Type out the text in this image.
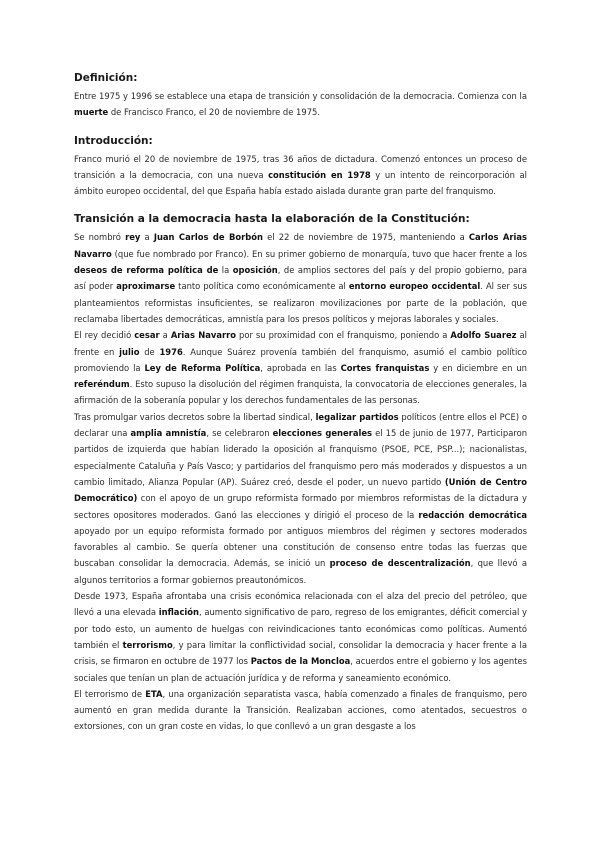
Definición:

Entre 1975 y 1996 se establece una etapa de transición y consolidación de la democracia. Comienza con la muerte de Francisco Franco, el 20 de noviembre de 1975.

Introducción:

Franco murió el 20 de noviembre de 1975, tras 36 años de dictadura. Comenzó entonces un proceso de transición a la democracia, con una nueva constitución en 1978 y un intento de reincorporación al ámbito europeo occidental, del que España había estado aislada durante gran parte del franquismo.

Transición a la democracia hasta la elaboración de la Constitución:

Se nombró rey a Juan Carlos de Borbón el 22 de noviembre de 1975, manteniendo a Carlos Arias Navarro (que fue nombrado por Franco). En su primer gobierno de monarquía, tuvo que hacer frente a los deseos de reforma política de la oposición, de amplios sectores del país y del propio gobierno, para así poder aproximarse tanto política como económicamente al entorno europeo occidental. Al ser sus planteamientos reformistas insuficientes, se realizaron movilizaciones por parte de la población, que reclamaba libertades democráticas, amnistía para los presos políticos y mejoras laborales y sociales.

El rey decidió cesar a Arias Navarro por su proximidad con el franquismo, poniendo a Adolfo Suarez al frente en julio de 1976. Aunque Suárez provenía también del franquismo, asumió el cambio político promoviendo la Ley de Reforma Política, aprobada en las Cortes franquistas y en diciembre en un referéndum. Esto supuso la disolución del régimen franquista, la convocatoria de elecciones generales, la afirmación de la soberanía popular y los derechos fundamentales de las personas.

Tras promulgar varios decretos sobre la libertad sindical, legalizar partidos políticos (entre ellos el PCE) o declarar una amplia amnistía, se celebraron elecciones generales el 15 de junio de 1977, Participaron partidos de izquierda que habían liderado la oposición al franquismo (PSOE, PCE, PSP...); nacionalistas, especialmente Cataluña y País Vasco; y partidarios del franquismo pero más moderados y dispuestos a un cambio limitado, Alianza Popular (AP). Suárez creó, desde el poder, un nuevo partido (Unión de Centro Democrático) con el apoyo de un grupo reformista formado por miembros reformistas de la dictadura y sectores opositores moderados. Ganó las elecciones y dirigió el proceso de la redacción democrática apoyado por un equipo reformista formado por antiguos miembros del régimen y sectores moderados favorables al cambio. Se quería obtener una constitución de consenso entre todas las fuerzas que buscaban consolidar la democracia. Además, se inició un proceso de descentralización, que llevó a algunos territorios a formar gobiernos preautonómicos.

Desde 1973, España afrontaba una crisis económica relacionada con el alza del precio del petróleo, que llevó a una elevada inflación, aumento significativo de paro, regreso de los emigrantes, déficit comercial y por todo esto, un aumento de huelgas con reivindicaciones tanto económicas como políticas. Aumentó también el terrorismo, y para limitar la conflictividad social, consolidar la democracia y hacer frente a la crisis, se firmaron en octubre de 1977 los Pactos de la Moncloa, acuerdos entre el gobierno y los agentes sociales que tenían un plan de actuación jurídica y de reforma y saneamiento económico.

El terrorismo de ETA, una organización separatista vasca, había comenzado a finales de franquismo, pero aumentó en gran medida durante la Transición. Realizaban acciones, como atentados, secuestros o extorsiones, con un gran coste en vidas, lo que conllevó a un gran desgaste a los
